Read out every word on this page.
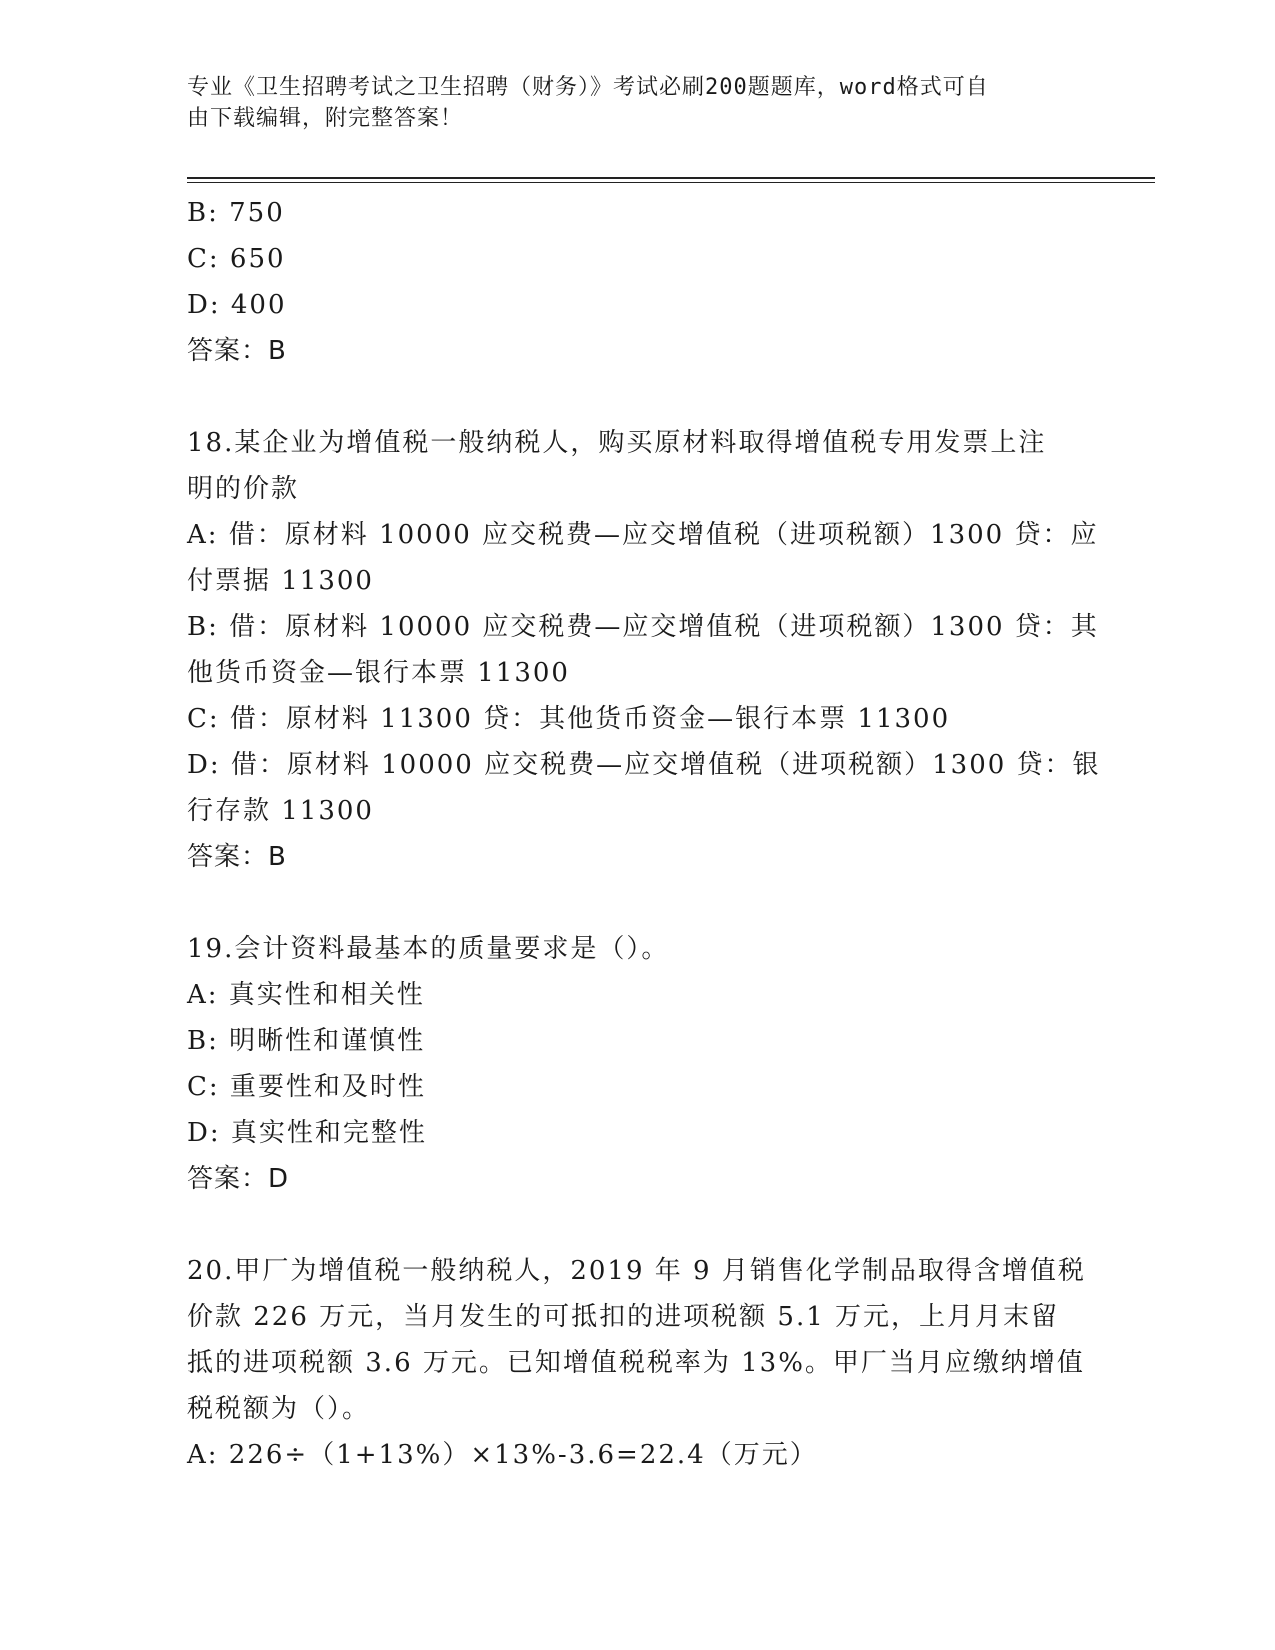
专业《卫生招聘考试之卫生招聘（财务）》考试必刷200题题库，word格式可自
由下载编辑，附完整答案！

B: 750

C: 650

D: 400

答案：B

18.某企业为增值税一般纳税人，购买原材料取得增值税专用发票上注

明的价款

A: 借：原材料 10000 应交税费—应交增值税（进项税额）1300 贷：应

付票据 11300

B: 借：原材料 10000 应交税费—应交增值税（进项税额）1300 贷：其

他货币资金—银行本票 11300

C: 借：原材料 11300 贷：其他货币资金—银行本票 11300

D: 借：原材料 10000 应交税费—应交增值税（进项税额）1300 贷：银

行存款 11300

答案：B

19.会计资料最基本的质量要求是（）。

A: 真实性和相关性

B: 明晰性和谨慎性

C: 重要性和及时性

D: 真实性和完整性

答案：D

20.甲厂为增值税一般纳税人，2019 年 9 月销售化学制品取得含增值税

价款 226 万元，当月发生的可抵扣的进项税额 5.1 万元，上月月末留

抵的进项税额 3.6 万元。已知增值税税率为 13%。甲厂当月应缴纳增值

税税额为（）。

A: 226÷（1+13%）×13%-3.6=22.4（万元）
